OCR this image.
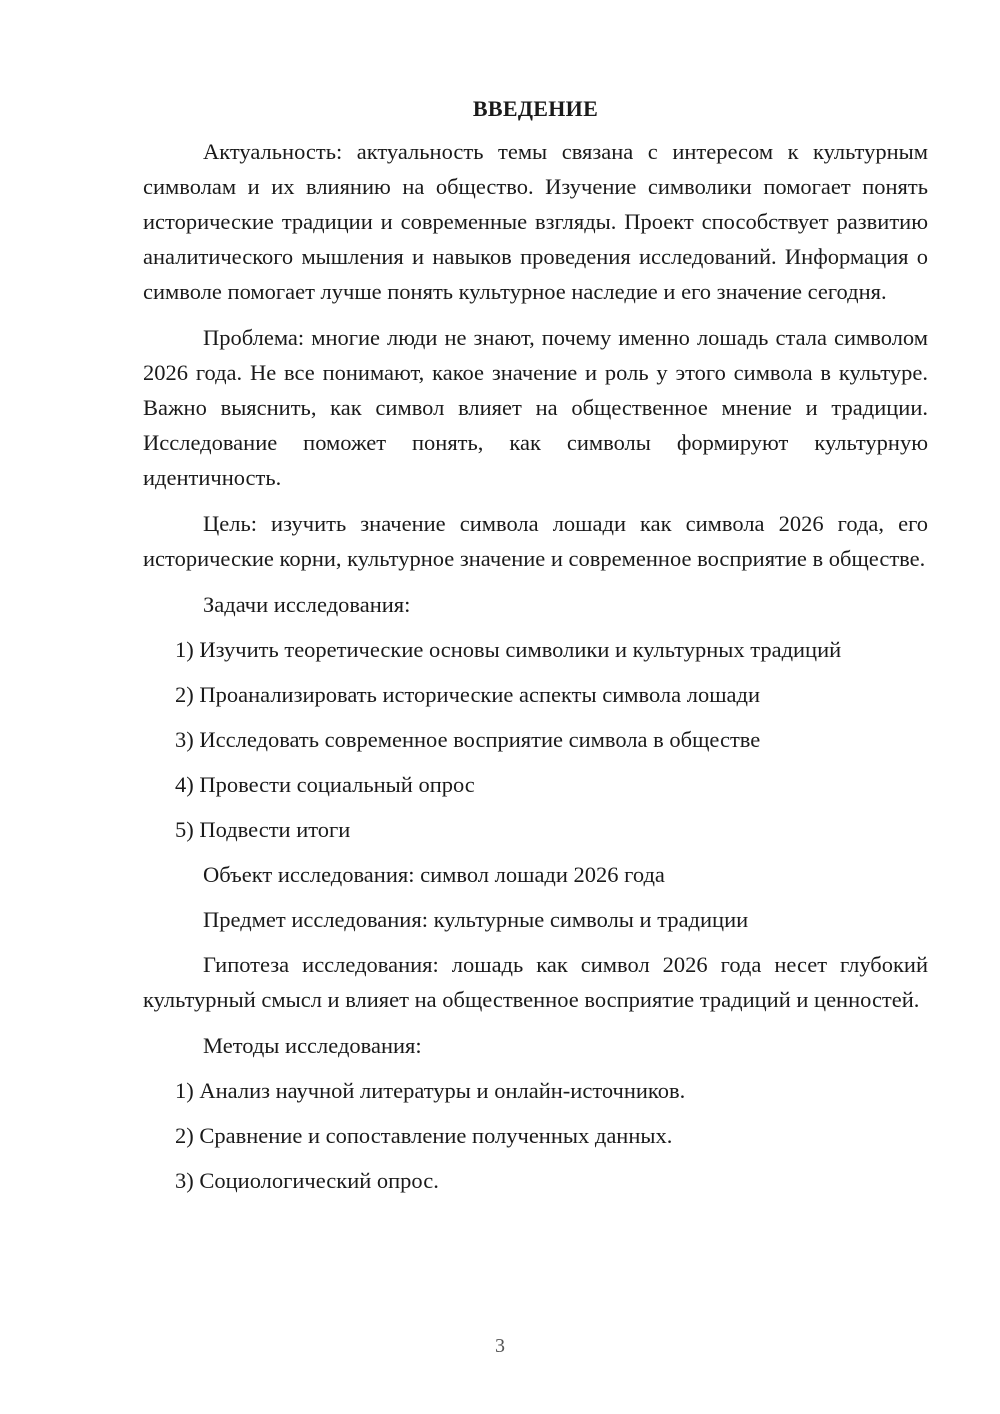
ВВЕДЕНИЕ

Актуальность: актуальность темы связана с интересом к культурным символам и их влиянию на общество. Изучение символики помогает понять исторические традиции и современные взгляды. Проект способствует развитию аналитического мышления и навыков проведения исследований. Информация о символе помогает лучше понять культурное наследие и его значение сегодня.

Проблема: многие люди не знают, почему именно лошадь стала символом 2026 года. Не все понимают, какое значение и роль у этого символа в культуре. Важно выяснить, как символ влияет на общественное мнение и традиции. Исследование поможет понять, как символы формируют культурную идентичность.

Цель: изучить значение символа лошади как символа 2026 года, его исторические корни, культурное значение и современное восприятие в обществе.

Задачи исследования:
1) Изучить теоретические основы символики и культурных традиций
2) Проанализировать исторические аспекты символа лошади
3) Исследовать современное восприятие символа в обществе
4) Провести социальный опрос
5) Подвести итоги
Объект исследования: символ лошади 2026 года
Предмет исследования: культурные символы и традиции

Гипотеза исследования: лошадь как символ 2026 года несет глубокий культурный смысл и влияет на общественное восприятие традиций и ценностей.

Методы исследования:
1) Анализ научной литературы и онлайн-источников.
2) Сравнение и сопоставление полученных данных.
3) Социологический опрос.
3
